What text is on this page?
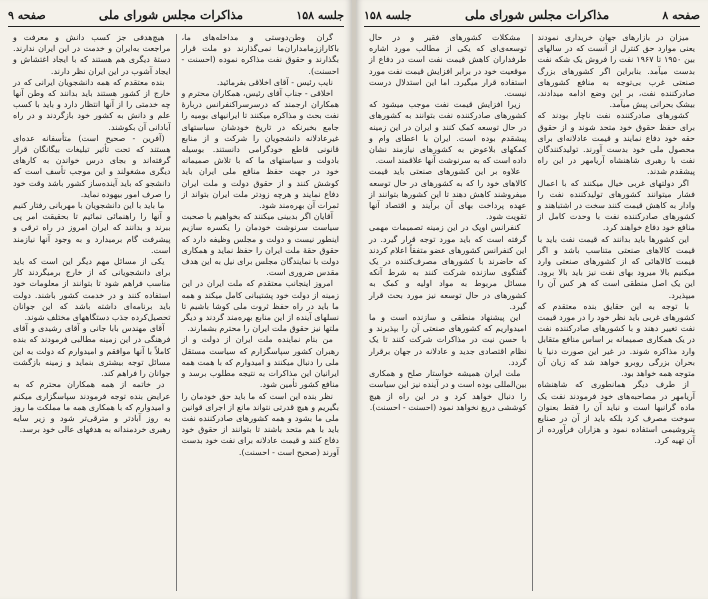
جلسه ۱۵۸
مذاکرات مجلس شورای ملی
صفحه ۹

گران وطن‌دوستی و مداخله‌های ما، باکاراززمامداران‌ما ‌نمی‌گذارند دو ملت قرار بگذارند و حقوق نفت مذاکره نموده (احسنت - احسنت).

نایب رئیس - آقای اخلاقی بفرمائید.

اخلاقی - جناب آقای رئیس، همکاران محترم و همکاران ارجمند که درسرسراکنفرانس دربارهٔ نفت بحث و مذاکره میکنند تا ایرانیهای بومیه را جامع بخبرنکه در تاریخ خودشان سیاستهای غیرعادلانه دانشجویان را شرکت و از منابع قانونی قاطع خودگرامی دانستند. بوسیله بادولت و سیاستهای ما که با تلاش صمیمانه خود در جهت حفظ منافع ملی ایران باید کوشش کنند و از حقوق دولت و ملت ایران دفاع نمایند و هرچه زودتر ملت ایران بتواند از ثمرات آن بهره‌مند شود.

آقایان اگر بدبینی میکنند که بخواهیم با صحبت سیاست سرنوشت خودمان را یکسره سازیم اینطور نیست و دولت و مجلس وظیفه دارد که حقوق حقهٔ ملت ایران را حفظ نماید و همکاری دولت با نمایندگان مجلس برای نیل به این هدف مقدس ضروری است.

امروز اینجانب معتقدم که ملت ایران در این زمینه از دولت خود پشتیبانی کامل میکند و همه ما باید در راه حفظ ثروت ملی کوشا باشیم تا نسلهای آینده از این منابع بهره‌مند گردند و دیگر ملتها نیز حقوق ملت ایران را محترم بشمارند.

من بنام نماینده ملت ایران از دولت و از رهبران کشور سپاسگزارم که سیاست مستقل ملی را دنبال میکنند و امیدوارم که با همت همه ایرانیان این مذاکرات به نتیجه مطلوب برسد و منافع کشور تأمین شود.

نظر بنده این است که ما باید حق خودمان را بگیریم و هیچ قدرتی نتواند مانع از اجرای قوانین ملی ما بشود و همه کشورهای صادرکننده نفت باید با هم متحد باشند تا بتوانند از حقوق خود دفاع کنند و قیمت عادلانه برای نفت خود بدست آورند (صحیح است - احسنت).

هیچ‌هدفی جز کسب دانش و معرفت و مراجعت به‌ایران و خدمت در این ایران ندارند. دستهٔ دیگری هم هستند که با ایجاد اغتشاش و ایجاد آشوب در این ایران نظر دارند.

بنده معتقدم که همه دانشجویان ایرانی که در خارج از کشور هستند باید بدانند که وطن آنها چه خدمتی را از آنها انتظار دارد و باید با کسب علم و دانش به کشور خود بازگردند و در راه آبادانی آن بکوشند.

(آفرین - صحیح است) متأسفانه عده‌ای هستند که تحت تأثیر تبلیغات بیگانگان قرار گرفته‌اند و بجای درس خواندن به کارهای دیگری مشغولند و این موجب تأسف است که دانشجو که باید آینده‌ساز کشور باشد وقت خود را صرف امور بیهوده نماید.

ما باید با این دانشجویان با مهربانی رفتار کنیم و آنها را راهنمائی نمائیم تا بحقیقت امر پی ببرند و بدانند که ایران امروز در راه ترقی و پیشرفت گام برمیدارد و به وجود آنها نیازمند است.

یکی از مسائل مهم دیگر این است که باید برای دانشجویانی که از خارج برمیگردند کار مناسب فراهم شود تا بتوانند از معلومات خود استفاده کنند و در خدمت کشور باشند. دولت باید برنامه‌ای داشته باشد که این جوانان تحصیل‌کرده جذب دستگاههای مختلف شوند.

آقای مهندس بابا جانی و آقای رشیدی و آقای فرهنگی در این زمینه مطالبی فرمودند که بنده کاملاً با آنها موافقم و امیدوارم که دولت به این مسائل توجه بیشتری بنماید و زمینه بازگشت جوانان را فراهم کند.

در خاتمه از همه همکاران محترم که به عرایض بنده توجه فرمودند سپاسگزاری میکنم و امیدوارم که با همکاری همه ما مملکت ما روز به روز آبادتر و مترقی‌تر شود و زیر سایه رهبری خردمندانه به هدفهای عالی خود برسد.

صفحه ۸
مذاکرات مجلس شورای ملی
جلسه ۱۵۸

میزان در بازارهای جهان خریداری نمودند یعنی موارد حق کنترل از آنست که در سالهای بین ۱۹۵۰ تا ۱۹۶۷ نفت را فروش یک شکه نفت بدست میآمد. بنابراین اگر کشورهای بزرگ صنعتی غرب بی‌توجه به منافع کشورهای صادرکننده نفت، بر این وضع ادامه میدادند، بیشک بحرانی پیش میآمد.

کشورهای صادرکننده نفت ناچار بودند که برای حفظ حقوق خود متحد شوند و از حقوق حقه خود دفاع نمایند و قیمت عادلانه‌ای برای محصول ملی خود بدست آورند. تولیدکنندگان نفت با رهبری شاهنشاه آریامهر در این راه پیشقدم شدند.

اگر دولتهای غربی خیال میکنند که با اعمال فشار میتوانند کشورهای تولیدکننده نفت را وادار به کاهش قیمت کنند سخت در اشتباهند و کشورهای صادرکننده نفت با وحدت کامل از منافع خود دفاع خواهند کرد.

این کشورها باید بدانند که قیمت نفت باید با قیمت کالاهای صنعتی متناسب باشد و اگر قیمت کالاهائی که از کشورهای صنعتی وارد میکنیم بالا میرود بهای نفت نیز باید بالا برود. این یک اصل منطقی است که هر کس آن را میپذیرد.

با توجه به این حقایق بنده معتقدم که کشورهای غربی باید نظر خود را در مورد قیمت نفت تغییر دهند و با کشورهای صادرکننده نفت در یک همکاری صمیمانه بر اساس منافع متقابل وارد مذاکره شوند. در غیر این صورت دنیا با بحران بزرگی روبرو خواهد شد که زیان آن متوجه همه خواهد بود.

از طرف دیگر همانطوری که شاهنشاه آریامهر در مصاحبه‌های خود فرمودند نفت یک ماده گرانبها است و نباید آن را فقط بعنوان سوخت مصرف کرد بلکه باید از آن در صنایع پتروشیمی استفاده نمود و هزاران فرآورده از آن تهیه کرد.

مشکلات کشورهای فقیر و در حال توسعه‌ی‌ای که یکی از مطالب مورد اشاره طرفداران کاهش قیمت نفت است در دفاع از موقعیت خود در برابر افزایش قیمت نفت مورد استفاده قرار میگیرد. اما این استدلال درست نیست.

زیرا افزایش قیمت نفت موجب میشود که کشورهای صادرکننده نفت بتوانند به کشورهای در حال توسعه کمک کنند و ایران در این زمینه پیشقدم بوده است. ایران با اعطای وام و کمکهای بلاعوض به کشورهای نیازمند نشان داده است که به سرنوشت آنها علاقمند است.

علاوه بر این کشورهای صنعتی باید قیمت کالاهای خود را که به کشورهای در حال توسعه میفروشند کاهش دهند تا این کشورها بتوانند از عهده پرداخت بهای آن برآیند و اقتصاد آنها تقویت شود.

کنفرانس اوپک در این زمینه تصمیمات مهمی گرفته است که باید مورد توجه قرار گیرد. در این کنفرانس کشورهای عضو متفقاً اعلام کردند که حاضرند با کشورهای مصرف‌کننده در یک گفتگوی سازنده شرکت کنند به شرط آنکه مسائل مربوط به مواد اولیه و کمک به کشورهای در حال توسعه نیز مورد بحث قرار گیرد.

این پیشنهاد منطقی و سازنده است و ما امیدواریم که کشورهای صنعتی آن را بپذیرند و با حسن نیت در مذاکرات شرکت کنند تا یک نظام اقتصادی جدید و عادلانه در جهان برقرار گردد.

ملت ایران همیشه خواستار صلح و همکاری بین‌المللی بوده است و در آینده نیز این سیاست را دنبال خواهد کرد و در این راه از هیچ کوششی دریغ نخواهد نمود (احسنت - احسنت).
